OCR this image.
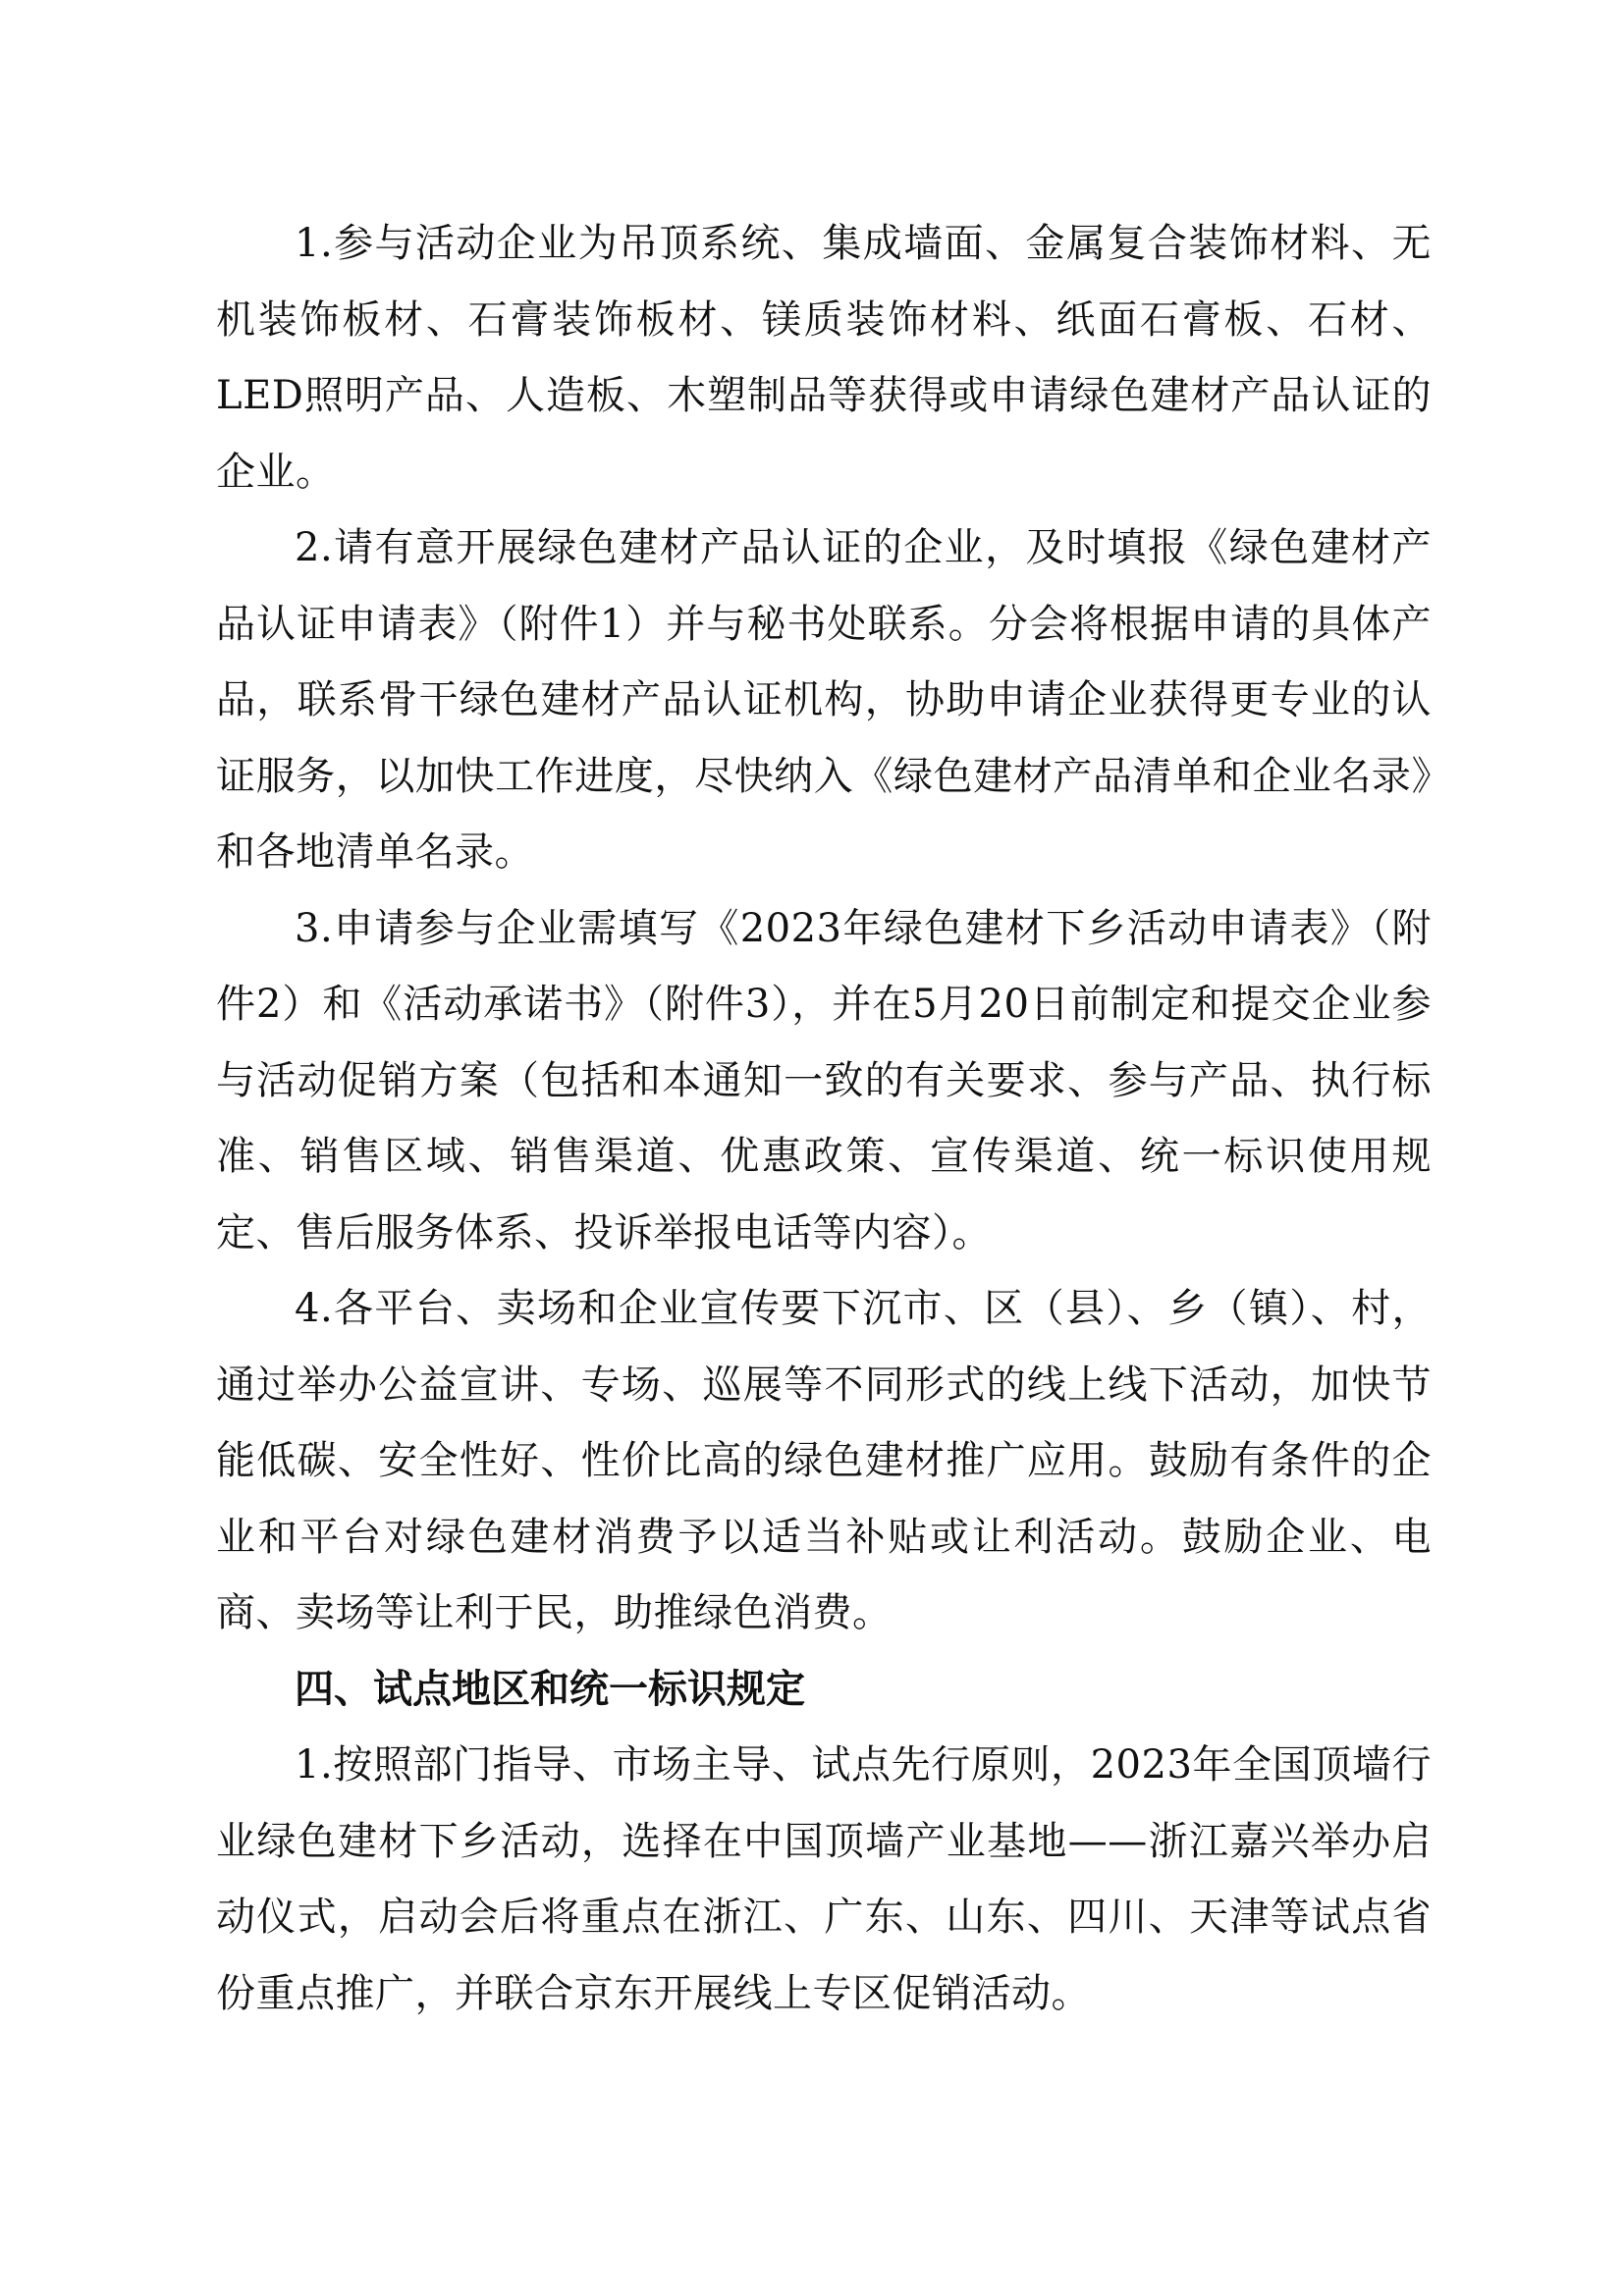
1.参与活动企业为吊顶系统、集成墙面、金属复合装饰材料、无机装饰板材、石膏装饰板材、镁质装饰材料、纸面石膏板、石材、LED照明产品、人造板、木塑制品等获得或申请绿色建材产品认证的企业。

2.请有意开展绿色建材产品认证的企业，及时填报《绿色建材产品认证申请表》（附件1）并与秘书处联系。分会将根据申请的具体产品，联系骨干绿色建材产品认证机构，协助申请企业获得更专业的认证服务，以加快工作进度，尽快纳入《绿色建材产品清单和企业名录》和各地清单名录。

3.申请参与企业需填写《2023年绿色建材下乡活动申请表》（附件2）和《活动承诺书》（附件3），并在5月20日前制定和提交企业参与活动促销方案（包括和本通知一致的有关要求、参与产品、执行标准、销售区域、销售渠道、优惠政策、宣传渠道、统一标识使用规定、售后服务体系、投诉举报电话等内容）。

4.各平台、卖场和企业宣传要下沉市、区（县）、乡（镇）、村，通过举办公益宣讲、专场、巡展等不同形式的线上线下活动，加快节能低碳、安全性好、性价比高的绿色建材推广应用。鼓励有条件的企业和平台对绿色建材消费予以适当补贴或让利活动。鼓励企业、电商、卖场等让利于民，助推绿色消费。

四、试点地区和统一标识规定

1.按照部门指导、市场主导、试点先行原则，2023年全国顶墙行业绿色建材下乡活动，选择在中国顶墙产业基地——浙江嘉兴举办启动仪式，启动会后将重点在浙江、广东、山东、四川、天津等试点省份重点推广，并联合京东开展线上专区促销活动。
